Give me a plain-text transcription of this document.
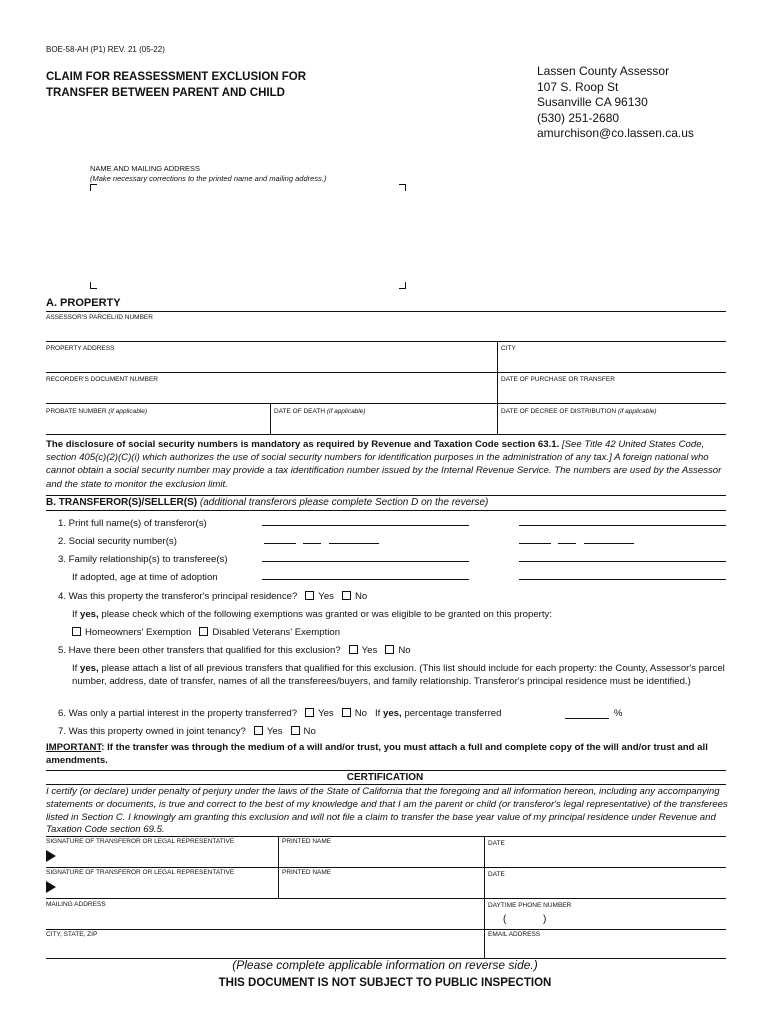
BOE-58-AH (P1) REV. 21 (05-22)
CLAIM FOR REASSESSMENT EXCLUSION FOR
TRANSFER BETWEEN PARENT AND CHILD
Lassen County Assessor
107 S. Roop St
Susanville CA 96130
(530) 251-2680
amurchison@co.lassen.ca.us
NAME AND MAILING ADDRESS
(Make necessary corrections to the printed name and mailing address.)
A. PROPERTY
ASSESSOR'S PARCEL/ID NUMBER
PROPERTY ADDRESS	CITY
RECORDER'S DOCUMENT NUMBER	DATE OF PURCHASE OR TRANSFER
PROBATE NUMBER (if applicable)	DATE OF DEATH (if applicable)	DATE OF DECREE OF DISTRIBUTION (if applicable)
The disclosure of social security numbers is mandatory as required by Revenue and Taxation Code section 63.1. [See Title 42 United States Code, section 405(c)(2)(C)(i) which authorizes the use of social security numbers for identification purposes in the administration of any tax.] A foreign national who cannot obtain a social security number may provide a tax identification number issued by the Internal Revenue Service. The numbers are used by the Assessor and the state to monitor the exclusion limit.
B. TRANSFEROR(S)/SELLER(S) (additional transferors please complete Section D on the reverse)
1. Print full name(s) of transferor(s)
2. Social security number(s)
3. Family relationship(s) to transferee(s)
If adopted, age at time of adoption
4. Was this property the transferor's principal residence? Yes No
If yes, please check which of the following exemptions was granted or was eligible to be granted on this property:
Homeowners' Exemption Disabled Veterans' Exemption
5. Have there been other transfers that qualified for this exclusion? Yes No
If yes, please attach a list of all previous transfers that qualified for this exclusion. (This list should include for each property: the County, Assessor's parcel number, address, date of transfer, names of all the transferees/buyers, and family relationship. Transferor's principal residence must be identified.)
6. Was only a partial interest in the property transferred? Yes No If yes, percentage transferred	%
7. Was this property owned in joint tenancy? Yes No
IMPORTANT: If the transfer was through the medium of a will and/or trust, you must attach a full and complete copy of the will and/or trust and all amendments.
CERTIFICATION
I certify (or declare) under penalty of perjury under the laws of the State of California that the foregoing and all information hereon, including any accompanying statements or documents, is true and correct to the best of my knowledge and that I am the parent or child (or transferor's legal representative) of the transferees listed in Section C. I knowingly am granting this exclusion and will not file a claim to transfer the base year value of my principal residence under Revenue and Taxation Code section 69.5.
SIGNATURE OF TRANSFEROR OR LEGAL REPRESENTATIVE	PRINTED NAME	DATE
SIGNATURE OF TRANSFEROR OR LEGAL REPRESENTATIVE	PRINTED NAME	DATE
MAILING ADDRESS	DAYTIME PHONE NUMBER
(	)
CITY, STATE, ZIP	EMAIL ADDRESS
(Please complete applicable information on reverse side.)
THIS DOCUMENT IS NOT SUBJECT TO PUBLIC INSPECTION
